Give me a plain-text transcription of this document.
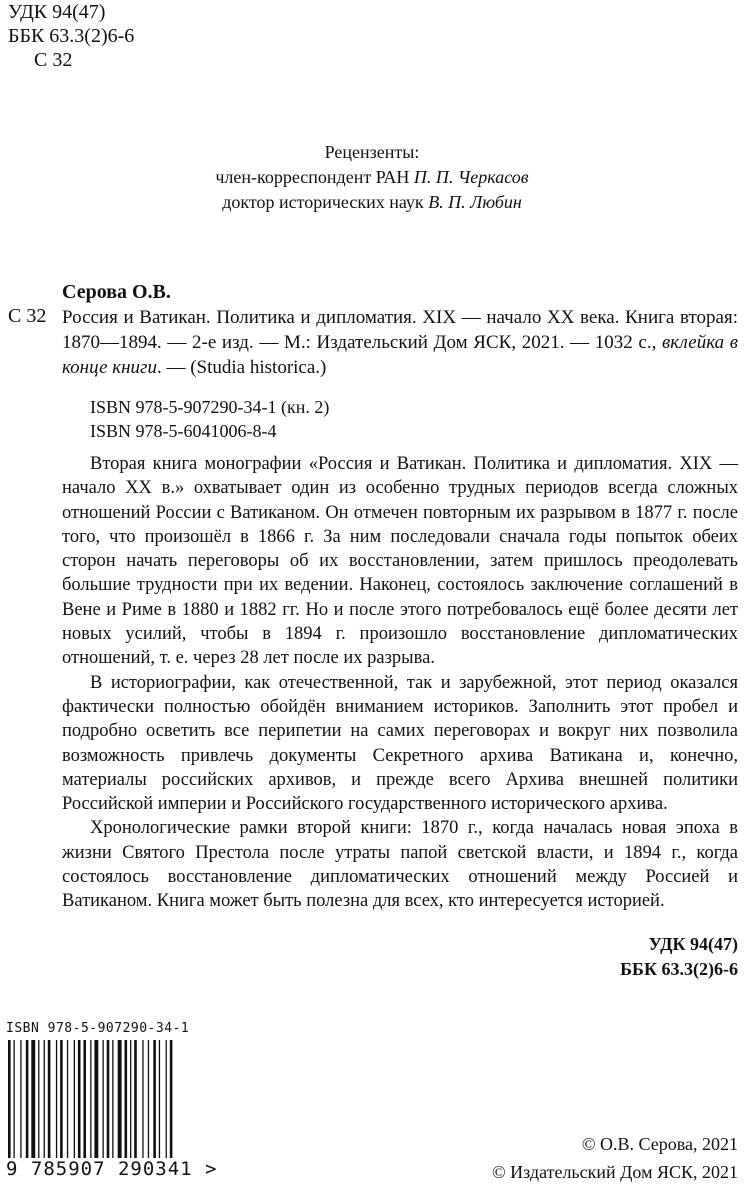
УДК 94(47)
ББК 63.3(2)6-6
С 32
Рецензенты:
член-корреспондент РАН П. П. Черкасов
доктор исторических наук В. П. Любин
Серова О.В.
С 32 Россия и Ватикан. Политика и дипломатия. XIX — начало XX века. Книга вторая: 1870—1894. — 2-е изд. — М.: Издательский Дом ЯСК, 2021. — 1032 с., вклейка в конце книги. — (Studia historica.)
ISBN 978-5-907290-34-1 (кн. 2)
ISBN 978-5-6041006-8-4

Вторая книга монографии «Россия и Ватикан. Политика и дипломатия. XIX — начало XX в.» охватывает один из особенно трудных периодов всегда сложных отношений России с Ватиканом. Он отмечен повторным их разрывом в 1877 г. после того, что произошёл в 1866 г. За ним последовали сначала годы попыток обеих сторон начать переговоры об их восстановлении, затем пришлось преодолевать большие трудности при их ведении. Наконец, состоялось заключение соглашений в Вене и Риме в 1880 и 1882 гг. Но и после этого потребовалось ещё более десяти лет новых усилий, чтобы в 1894 г. произошло восстановление дипломатических отношений, т. е. через 28 лет после их разрыва.

В историографии, как отечественной, так и зарубежной, этот период оказался фактически полностью обойдён вниманием историков. Заполнить этот пробел и подробно осветить все перипетии на самих переговорах и вокруг них позволила возможность привлечь документы Секретного архива Ватикана и, конечно, материалы российских архивов, и прежде всего Архива внешней политики Российской империи и Российского государственного исторического архива.

Хронологические рамки второй книги: 1870 г., когда началась новая эпоха в жизни Святого Престола после утраты папой светской власти, и 1894 г., когда состоялось восстановление дипломатических отношений между Россией и Ватиканом. Книга может быть полезна для всех, кто интересуется историей.

УДК 94(47)
ББК 63.3(2)6-6
ISBN 978-5-907290-34-1
9 785907 290341 >
© О.В. Серова, 2021
© Издательский Дом ЯСК, 2021
